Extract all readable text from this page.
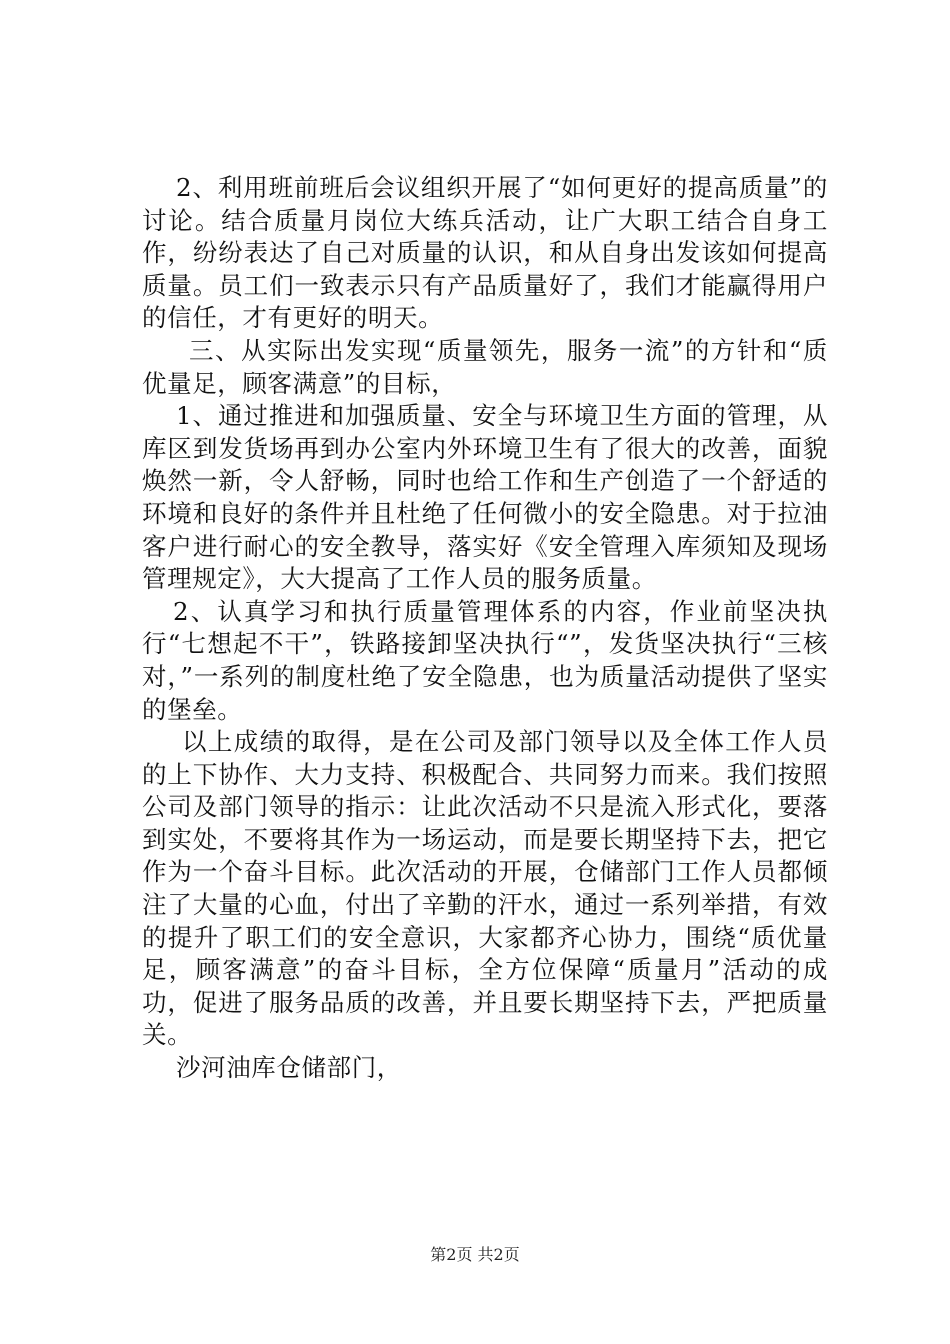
2、利用班前班后会议组织开展了“如何更好的提高质量”的讨论。结合质量月岗位大练兵活动，让广大职工结合自身工作，纷纷表达了自己对质量的认识，和从自身出发该如何提高质量。员工们一致表示只有产品质量好了，我们才能赢得用户的信任，才有更好的明天。

三、从实际出发实现“质量领先，服务一流”的方针和“质优量足，顾客满意”的目标，

1、通过推进和加强质量、安全与环境卫生方面的管理，从库区到发货场再到办公室内外环境卫生有了很大的改善，面貌焕然一新，令人舒畅，同时也给工作和生产创造了一个舒适的环境和良好的条件并且杜绝了任何微小的安全隐患。对于拉油客户进行耐心的安全教导，落实好《安全管理入库须知及现场管理规定》，大大提高了工作人员的服务质量。

2、认真学习和执行质量管理体系的内容，作业前坚决执行“七想起不干”，铁路接卸坚决执行“”，发货坚决执行“三核对，”一系列的制度杜绝了安全隐患，也为质量活动提供了坚实的堡垒。

以上成绩的取得，是在公司及部门领导以及全体工作人员的上下协作、大力支持、积极配合、共同努力而来。我们按照公司及部门领导的指示：让此次活动不只是流入形式化，要落到实处，不要将其作为一场运动，而是要长期坚持下去，把它作为一个奋斗目标。此次活动的开展，仓储部门工作人员都倾注了大量的心血，付出了辛勤的汗水，通过一系列举措，有效的提升了职工们的安全意识，大家都齐心协力，围绕“质优量足，顾客满意”的奋斗目标，全方位保障“质量月”活动的成功，促进了服务品质的改善，并且要长期坚持下去，严把质量关。

沙河油库仓储部门，

第2页 共2页
